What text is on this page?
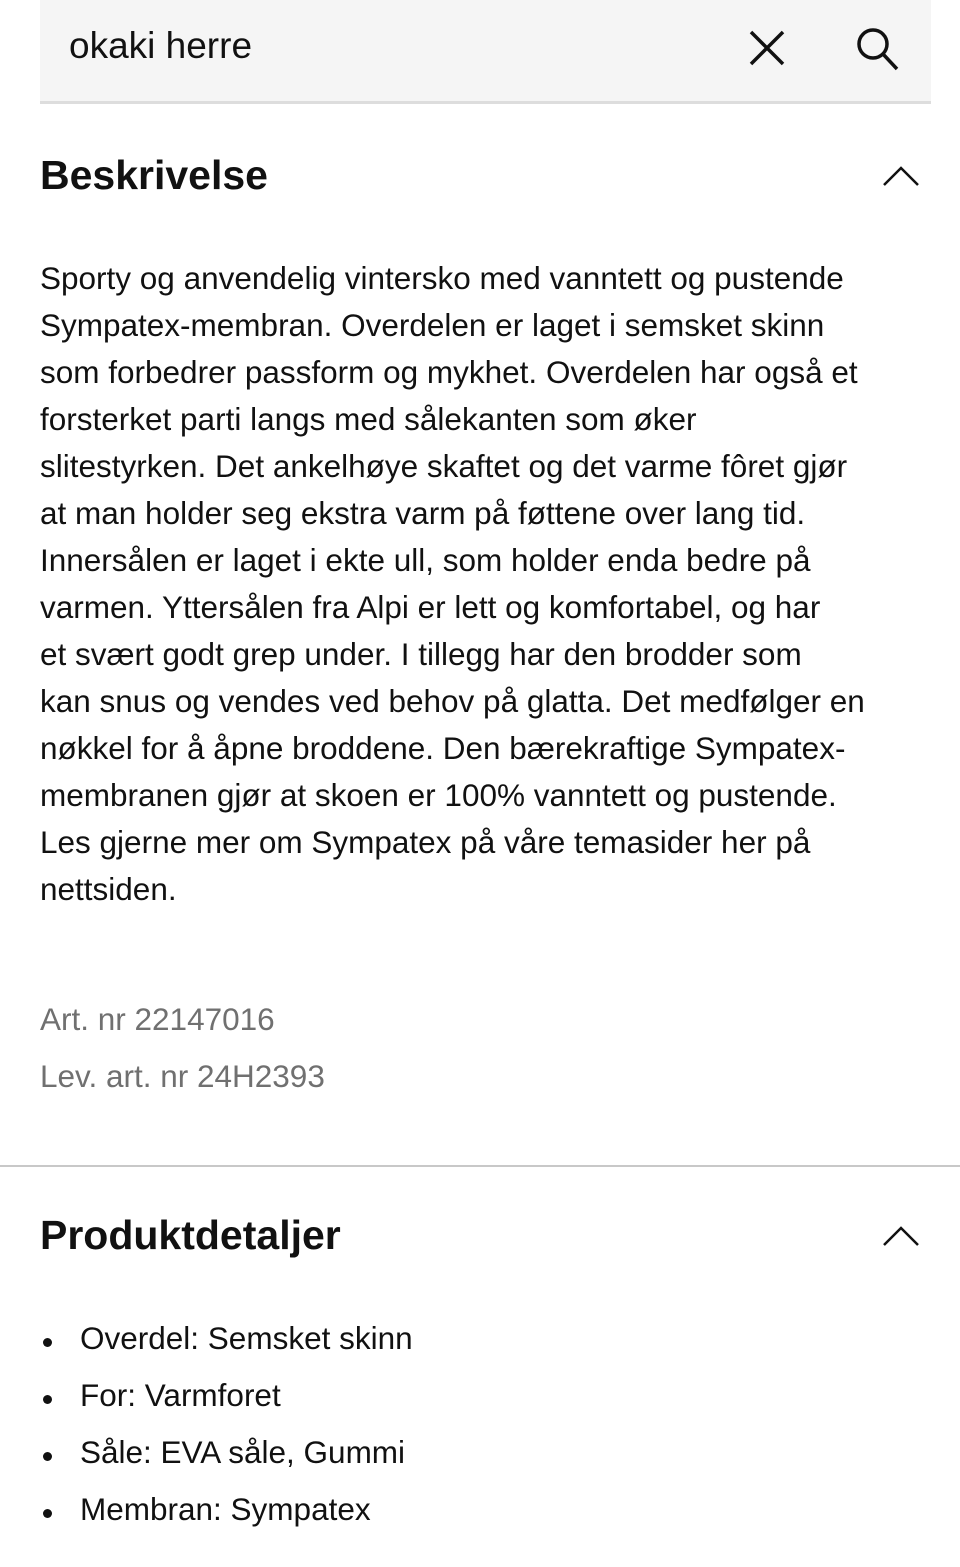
okaki herre
Beskrivelse
Sporty og anvendelig vintersko med vanntett og pustende
Sympatex-membran. Overdelen er laget i semsket skinn
som forbedrer passform og mykhet. Overdelen har også et
forsterket parti langs med sålekanten som øker
slitestyrken. Det ankelhøye skaftet og det varme fôret gjør
at man holder seg ekstra varm på føttene over lang tid.
Innersålen er laget i ekte ull, som holder enda bedre på
varmen. Yttersålen fra Alpi er lett og komfortabel, og har
et svært godt grep under. I tillegg har den brodder som
kan snus og vendes ved behov på glatta. Det medfølger en
nøkkel for å åpne broddene. Den bærekraftige Sympatex-
membranen gjør at skoen er 100% vanntett og pustende.
Les gjerne mer om Sympatex på våre temasider her på
nettsiden.
Art. nr 22147016
Lev. art. nr 24H2393
Produktdetaljer
Overdel: Semsket skinn
For: Varmforet
Såle: EVA såle, Gummi
Membran: Sympatex
